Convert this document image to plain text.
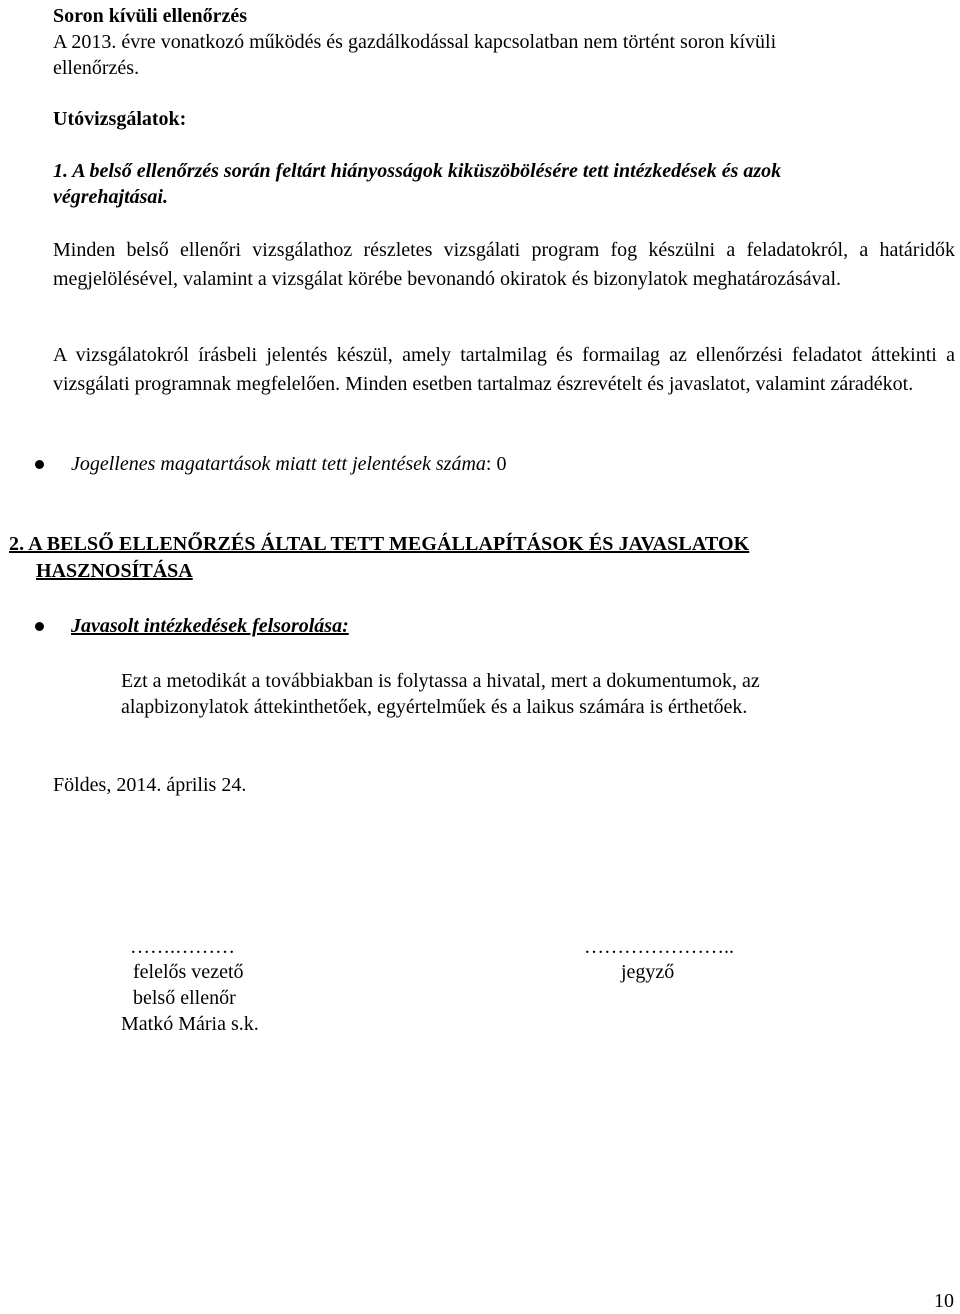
Soron kívüli ellenőrzés
A 2013. évre vonatkozó működés és gazdálkodással kapcsolatban nem történt soron kívüli
ellenőrzés.
Utóvizsgálatok:
1. A belső ellenőrzés során feltárt hiányosságok kiküszöbölésére tett intézkedések és azok
végrehajtásai.
Minden belső ellenőri vizsgálathoz részletes vizsgálati program fog készülni a feladatokról, a határidők megjelölésével, valamint a vizsgálat körébe bevonandó okiratok és bizonylatok meghatározásával.
A vizsgálatokról írásbeli jelentés készül, amely tartalmilag és formailag az ellenőrzési feladatot áttekinti a vizsgálati programnak megfelelően. Minden esetben tartalmaz észrevételt és javaslatot, valamint záradékot.
Jogellenes magatartások miatt tett jelentések száma: 0
2. A BELSŐ ELLENŐRZÉS ÁLTAL TETT MEGÁLLAPÍTÁSOK ÉS JAVASLATOK
HASZNOSÍTÁSA
Javasolt intézkedések felsorolása:
Ezt a metodikát a továbbiakban is folytassa a hivatal, mert a dokumentumok, az
alapbizonylatok áttekinthetőek, egyértelműek és a laikus számára is érthetőek.
Földes, 2014. április 24.
…….………
felelős vezető
belső ellenőr
Matkó Mária s.k.
…………………..
jegyző
10
